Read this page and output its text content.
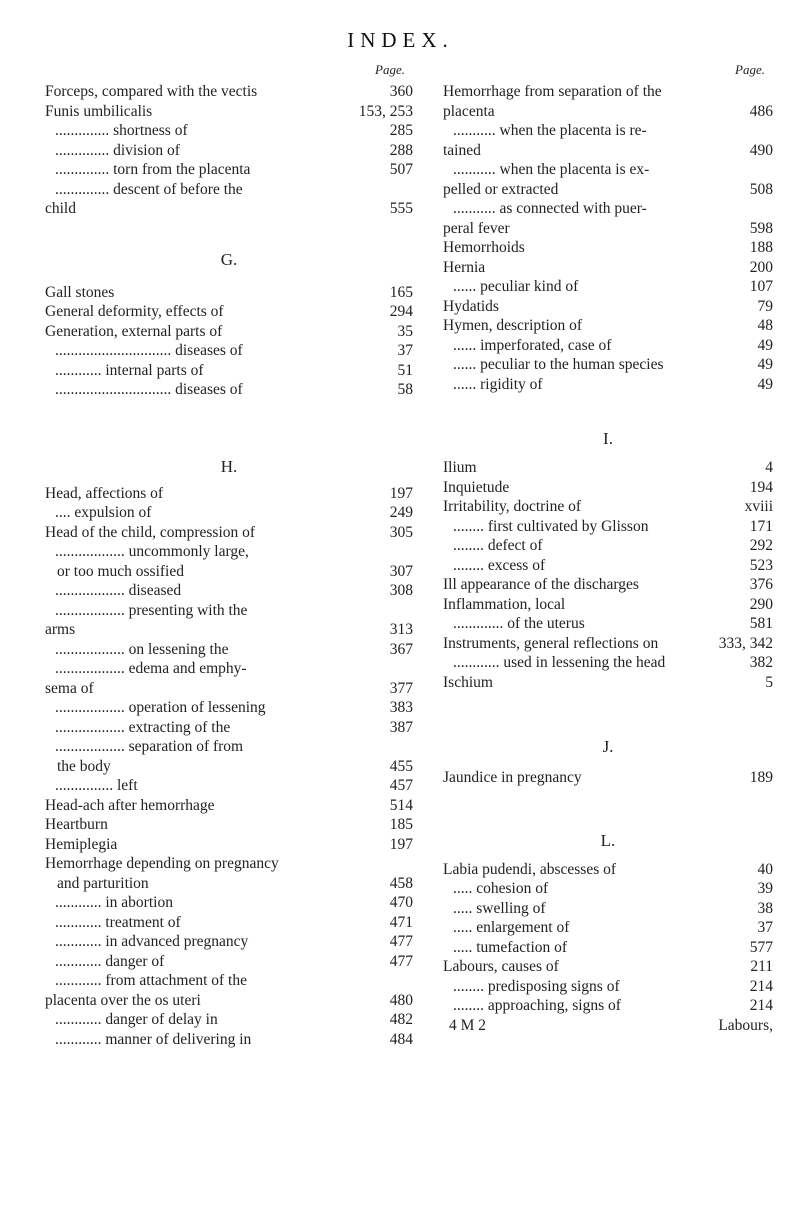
INDEX.
Page.
Forceps, compared with the vectis	360
Funis umbilicalis	153, 253
.............. shortness of	285
.............. division of	288
.............. torn from the placenta	507
.............. descent of before the
child	555
G.
Gall stones	165
General deformity, effects of	294
Generation, external parts of	35
.............................. diseases of	37
............ internal parts of	51
.............................. diseases of	58
H.
Head, affections of	197
.... expulsion of	249
Head of the child, compression of	305
.................. uncommonly large,
or too much ossified	307
.................. diseased	308
.................. presenting with the
arms	313
.................. on lessening the	367
.................. edema and emphy-
sema of	377
.................. operation of lessening	383
.................. extracting of the	387
.................. separation of from
the body	455
............... left	457
Head-ach after hemorrhage	514
Heartburn	185
Hemiplegia	197
Hemorrhage depending on pregnancy
and parturition	458
............ in abortion	470
............ treatment of	471
............ in advanced pregnancy	477
............ danger of	477
............ from attachment of the
placenta over the os uteri	480
............ danger of delay in	482
............ manner of delivering in	484
Page.
Hemorrhage from separation of the
placenta	486
........... when the placenta is re-
tained	490
........... when the placenta is ex-
pelled or extracted	508
........... as connected with puer-
peral fever	598
Hemorrhoids	188
Hernia	200
...... peculiar kind of	107
Hydatids	79
Hymen, description of	48
...... imperforated, case of	49
...... peculiar to the human species	49
...... rigidity of	49
I.
Ilium	4
Inquietude	194
Irritability, doctrine of	xviii
........ first cultivated by Glisson	171
........ defect of	292
........ excess of	523
Ill appearance of the discharges	376
Inflammation, local	290
............. of the uterus	581
Instruments, general reflections on	333, 342
............ used in lessening the head	382
Ischium	5
J.
Jaundice in pregnancy	189
L.
Labia pudendi, abscesses of	40
..... cohesion of	39
..... swelling of	38
..... enlargement of	37
..... tumefaction of	577
Labours, causes of	211
........ predisposing signs of	214
........ approaching, signs of	214
4 M 2	Labours,
